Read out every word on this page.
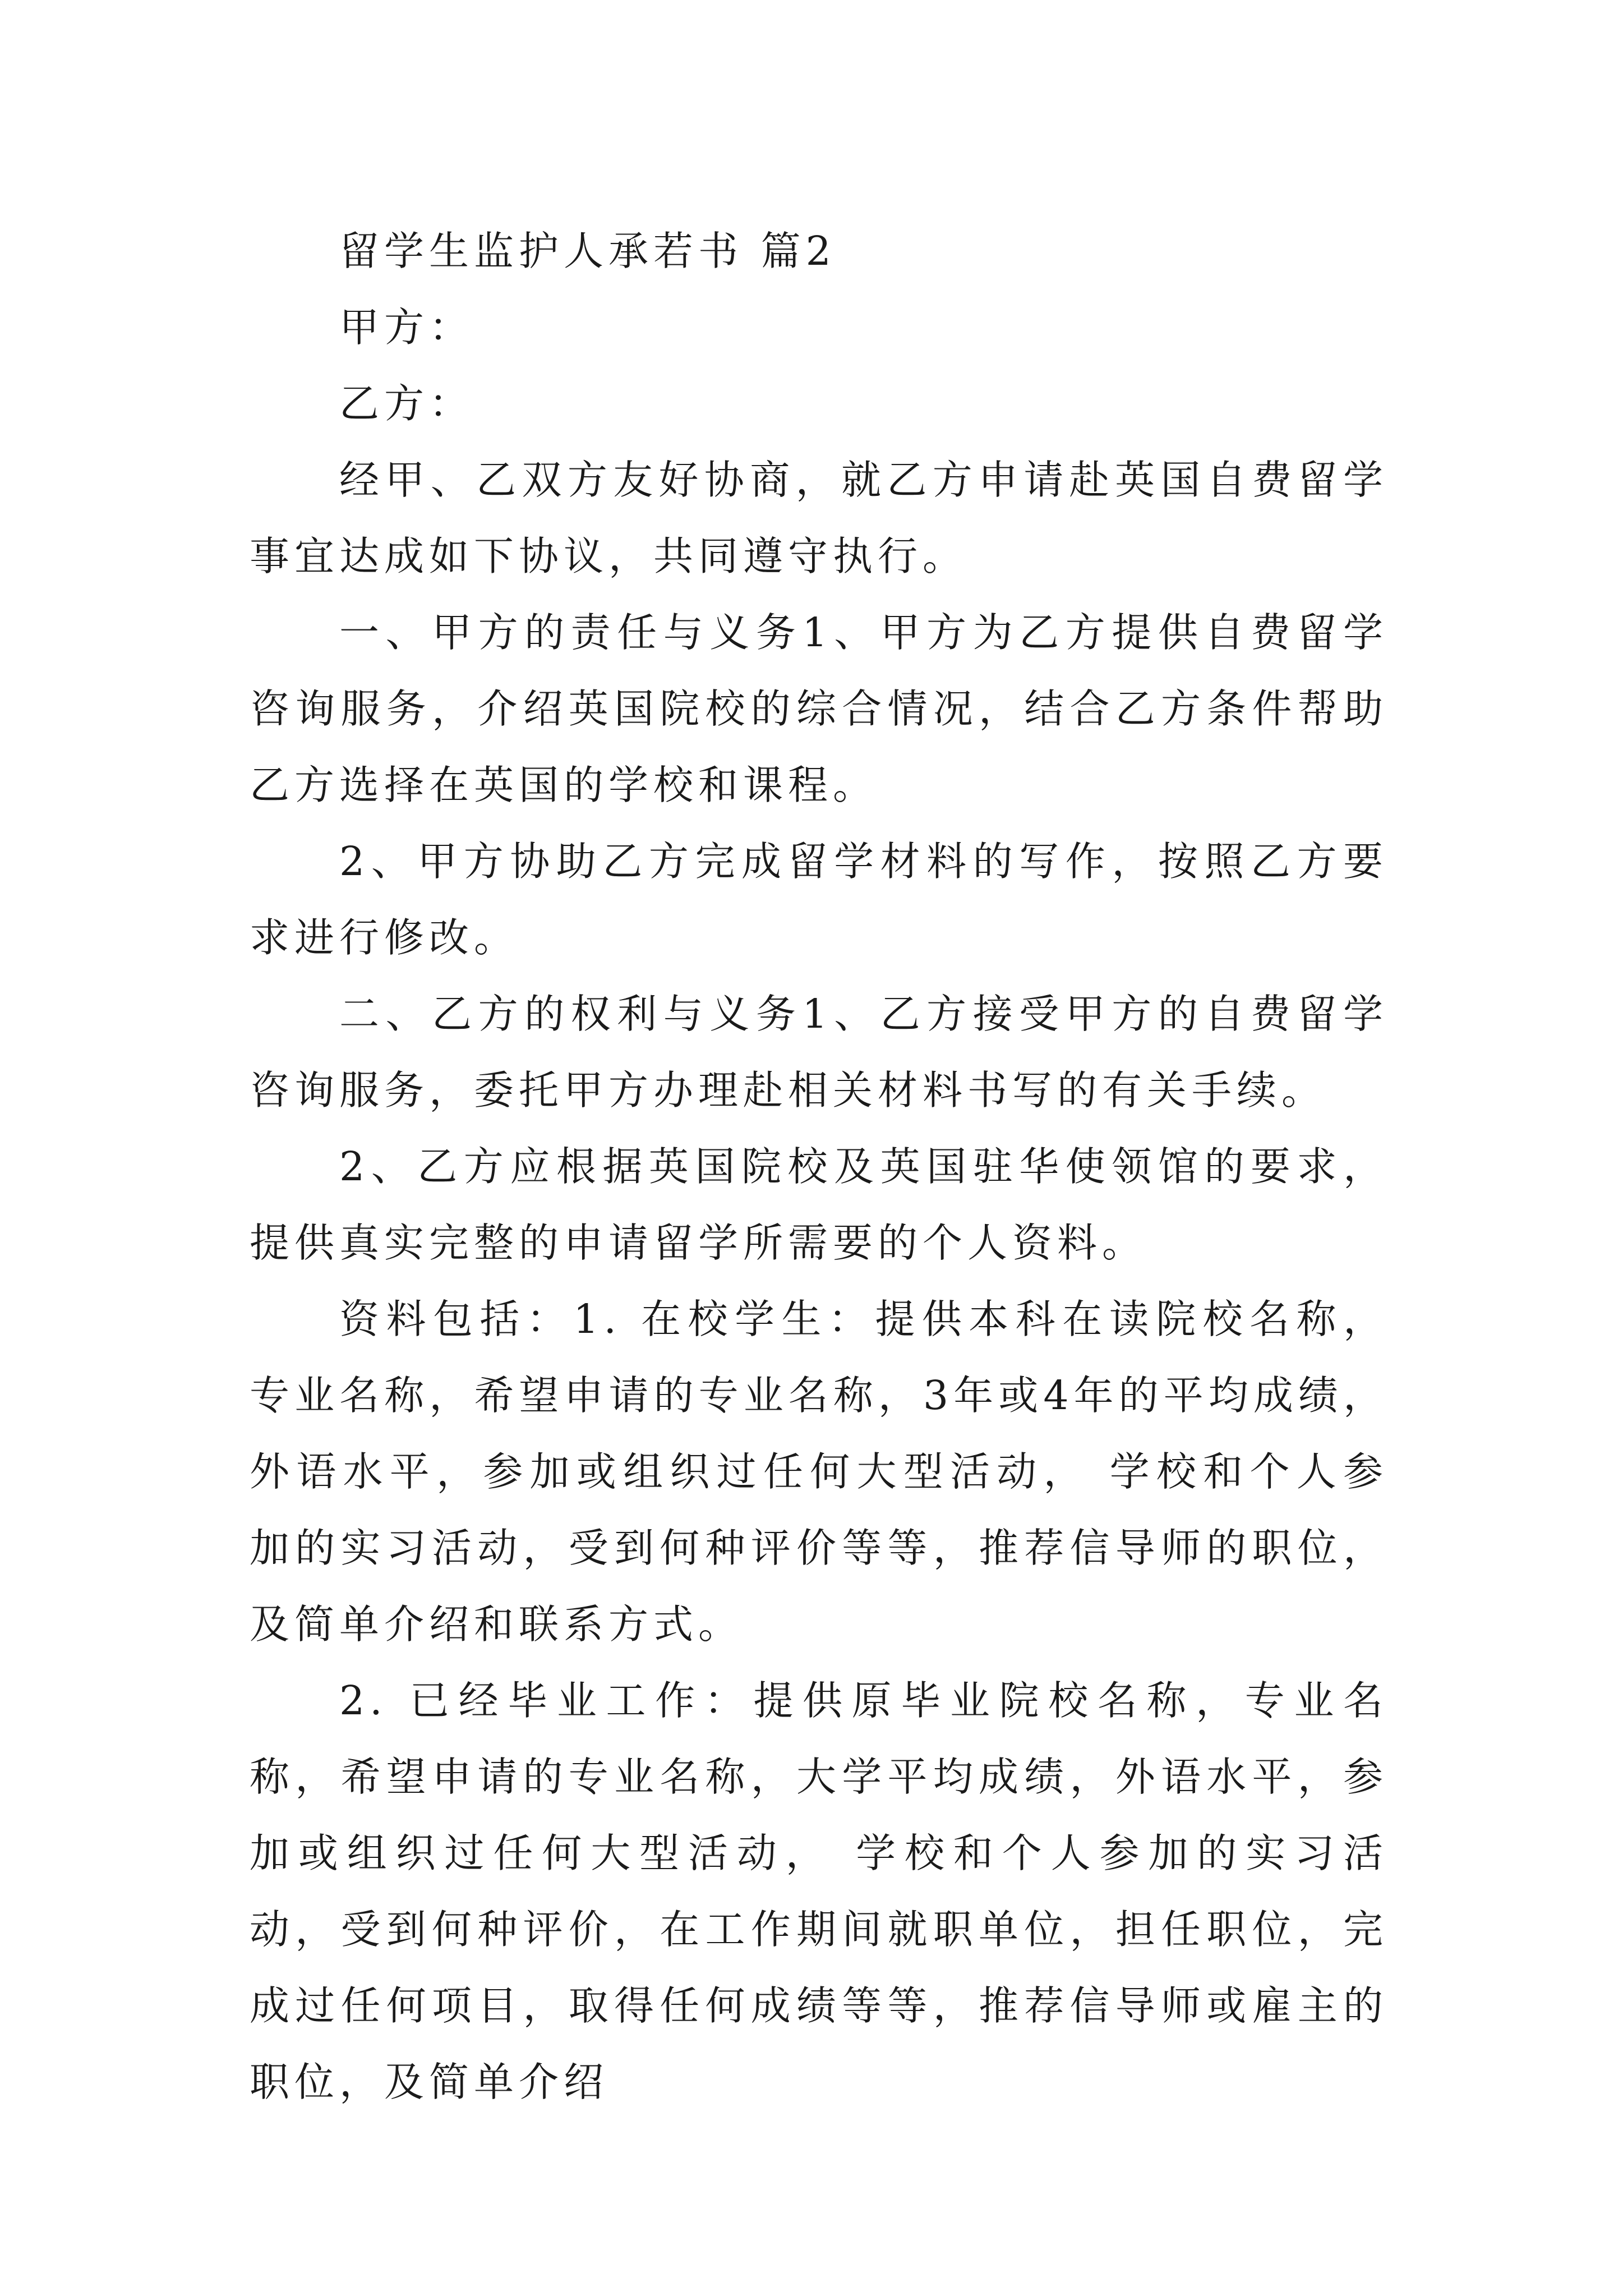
留学生监护人承若书 篇2

甲方：

乙方：

经甲、乙双方友好协商，就乙方申请赴英国自费留学事宜达成如下协议，共同遵守执行。

一、甲方的责任与义务1、甲方为乙方提供自费留学咨询服务，介绍英国院校的综合情况，结合乙方条件帮助乙方选择在英国的学校和课程。

2、甲方协助乙方完成留学材料的写作，按照乙方要求进行修改。

二、乙方的权利与义务1、乙方接受甲方的自费留学咨询服务，委托甲方办理赴相关材料书写的有关手续。

2、乙方应根据英国院校及英国驻华使领馆的要求，提供真实完整的申请留学所需要的个人资料。

资料包括：1. 在校学生：提供本科在读院校名称，专业名称，希望申请的专业名称，3年或4年的平均成绩，外语水平，参加或组织过任何大型活动， 学校和个人参加的实习活动，受到何种评价等等，推荐信导师的职位，及简单介绍和联系方式。

2. 已经毕业工作：提供原毕业院校名称，专业名称，希望申请的专业名称，大学平均成绩，外语水平，参加或组织过任何大型活动， 学校和个人参加的实习活动，受到何种评价，在工作期间就职单位，担任职位，完成过任何项目，取得任何成绩等等，推荐信导师或雇主的职位，及简单介绍
